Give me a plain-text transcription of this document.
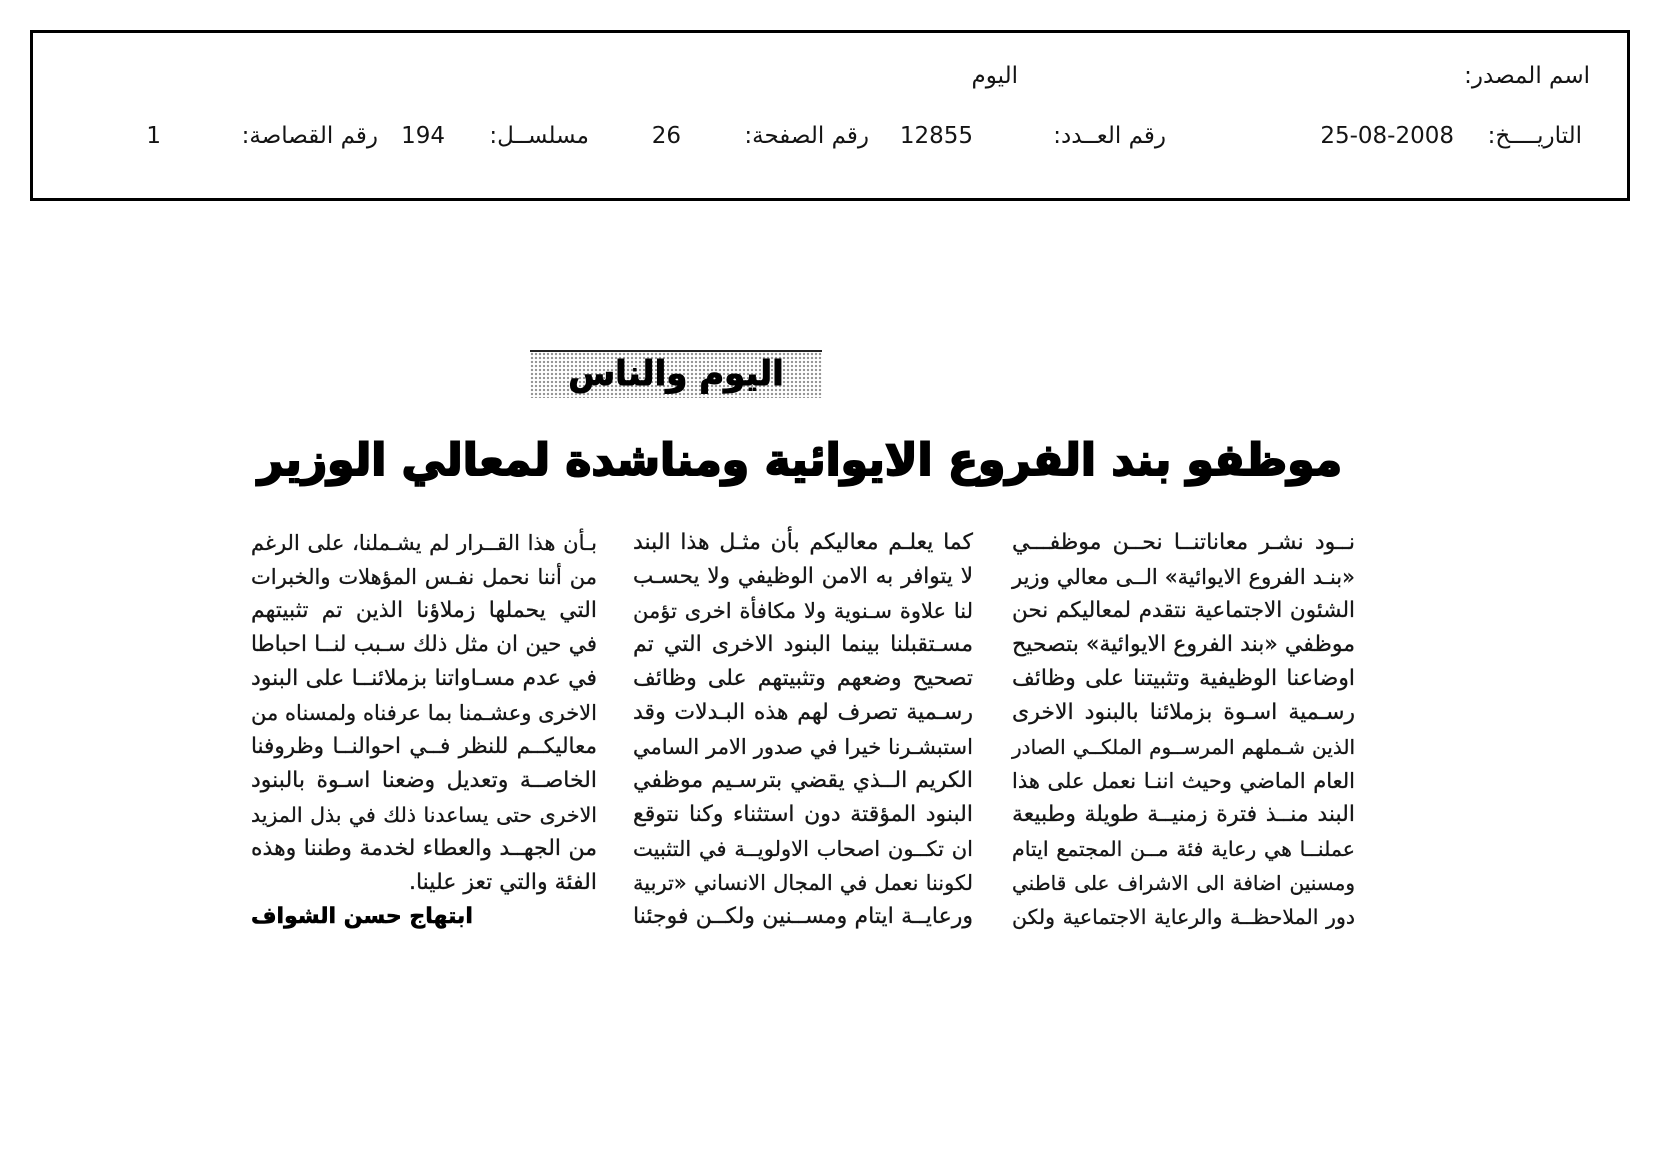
اسم المصدر:
اليوم
التاريــــخ:
25-08-2008
رقم العــدد:
12855
رقم الصفحة:
26
مسلســل:
194
رقم القصاصة:
1
اليوم والناس
موظفو بند الفروع الايوائية ومناشدة لمعالي الوزير
نــود نشـر معاناتنــا نحــن موظفـــي
«بنـد الفروع الايوائية» الــى معالي وزير
الشئون الاجتماعية نتقدم لمعاليكم نحن
موظفي «بند الفروع الايوائية» بتصحيح
اوضاعنا الوظيفية وتثبيتنا على وظائف
رسـمية اسـوة بزملائنا بالبنود الاخرى
الذين شـملهم المرســوم الملكــي الصادر
العام الماضي وحيث اننـا نعمل على هذا
البند منــذ فترة زمنيــة طويلة وطبيعة
عملنــا هي رعاية فئة مــن المجتمع ايتام
ومسنين اضافة الى الاشراف على قاطني
دور الملاحظــة والرعاية الاجتماعية ولكن
كما يعلـم معاليكم بأن مثـل هذا البند
لا يتوافر به الامن الوظيفي ولا يحسـب
لنا علاوة سـنوية ولا مكافأة اخرى تؤمن
مسـتقبلنا بينما البنود الاخرى التي تم
تصحيح وضعهم وتثبيتهم على وظائف
رسـمية تصرف لهم هذه البـدلات وقد
استبشـرنا خيرا في صدور الامر السامي
الكريم الــذي يقضي بترسـيم موظفي
البنود المؤقتة دون استثناء وكنا نتوقع
ان تكــون اصحاب الاولويــة في التثبيت
لكوننا نعمل في المجال الانساني «تربية
ورعايــة ايتام ومســنين ولكــن فوجئنا
بـأن هذا القــرار لم يشـملنا، على الرغم
من أننا نحمل نفـس المؤهلات والخبرات
التي يحملها زملاؤنا الذين تم تثبيتهم
في حين ان مثل ذلك سـبب لنــا احباطا
في عدم مسـاواتنا بزملائنــا على البنود
الاخرى وعشـمنا بما عرفناه ولمسناه من
معاليكــم للنظر فــي احوالنــا وظروفنا
الخاصــة وتعديل وضعنا اسـوة بالبنود
الاخرى حتى يساعدنا ذلك في بذل المزيد
من الجهــد والعطاء لخدمة وطننا وهذه
الفئة والتي تعز علينا.
ابتهاج حسن الشواف
